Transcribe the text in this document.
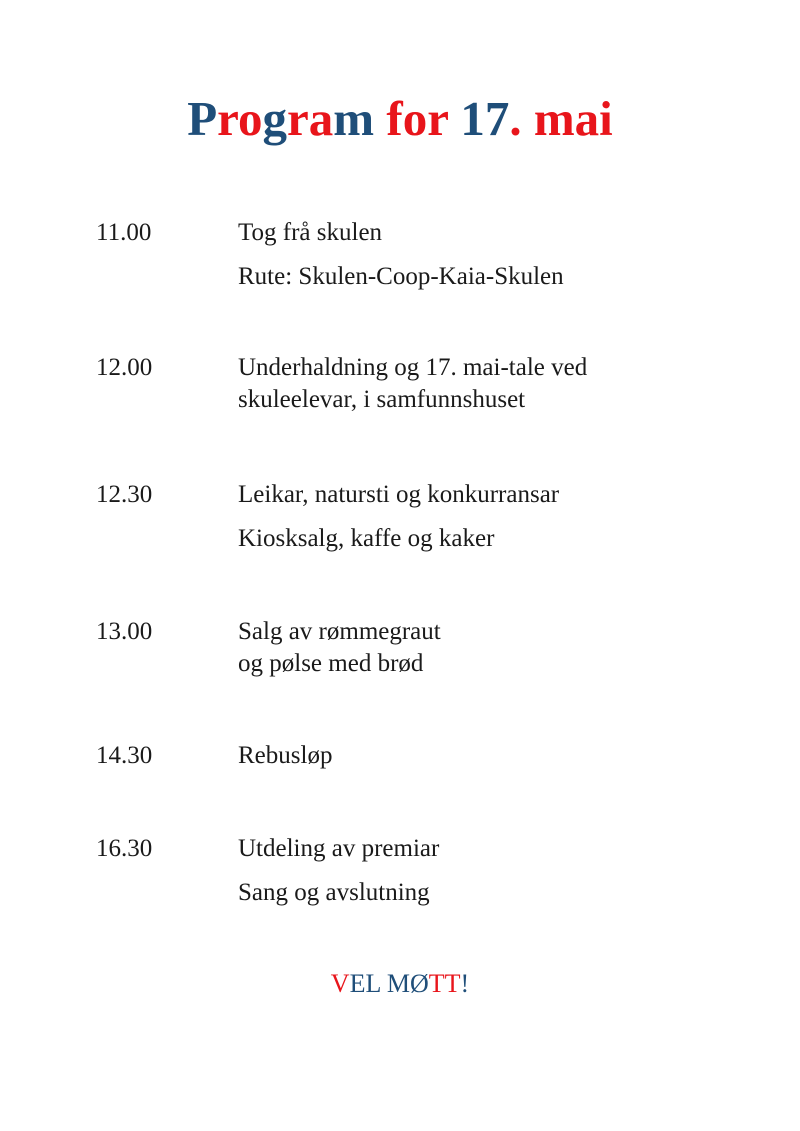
Program for 17. mai
11.00	Tog frå skulen
Rute: Skulen-Coop-Kaia-Skulen
12.00	Underhaldning og 17. mai-tale ved
skuleelevar, i samfunnshuset
12.30	Leikar, natursti og konkurransar
Kiosksalg, kaffe og kaker
13.00	Salg av rømmegraut
og pølse med brød
14.30	Rebusløp
16.30	Utdeling av premiar
Sang og avslutning
VEL MØTT!
